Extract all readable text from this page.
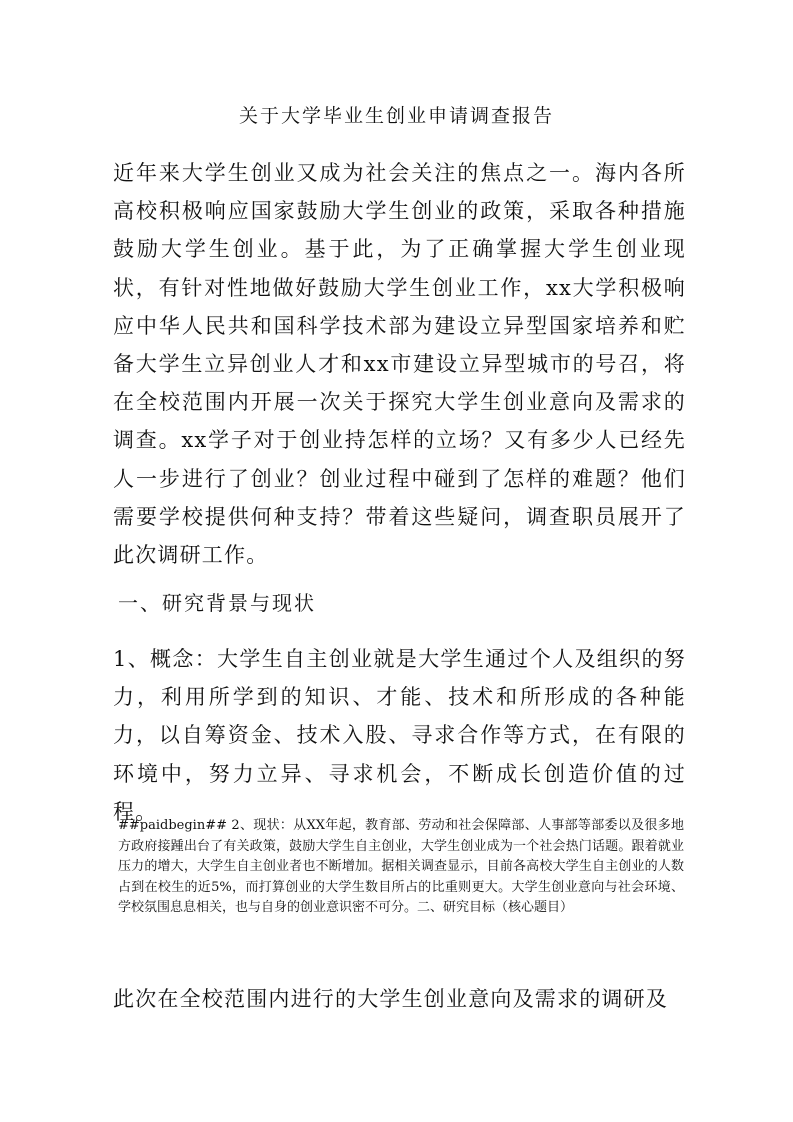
关于大学毕业生创业申请调查报告
近年来大学生创业又成为社会关注的焦点之一。海内各所高校积极响应国家鼓励大学生创业的政策，采取各种措施鼓励大学生创业。基于此，为了正确掌握大学生创业现状，有针对性地做好鼓励大学生创业工作，xx大学积极响应中华人民共和国科学技术部为建设立异型国家培养和贮备大学生立异创业人才和xx市建设立异型城市的号召，将在全校范围内开展一次关于探究大学生创业意向及需求的调查。xx学子对于创业持怎样的立场？又有多少人已经先人一步进行了创业？创业过程中碰到了怎样的难题？他们需要学校提供何种支持？带着这些疑问，调查职员展开了此次调研工作。
一、研究背景与现状
1、概念：大学生自主创业就是大学生通过个人及组织的努力，利用所学到的知识、才能、技术和所形成的各种能力，以自筹资金、技术入股、寻求合作等方式，在有限的环境中，努力立异、寻求机会，不断成长创造价值的过程。
##paidbegin## 2、现状：从XX年起，教育部、劳动和社会保障部、人事部等部委以及很多地方政府接踵出台了有关政策，鼓励大学生自主创业，大学生创业成为一个社会热门话题。跟着就业压力的增大，大学生自主创业者也不断增加。据相关调查显示，目前各高校大学生自主创业的人数占到在校生的近5%，而打算创业的大学生数目所占的比重则更大。大学生创业意向与社会环境、学校氛围息息相关，也与自身的创业意识密不可分。二、研究目标（核心题目）
此次在全校范围内进行的大学生创业意向及需求的调研及
